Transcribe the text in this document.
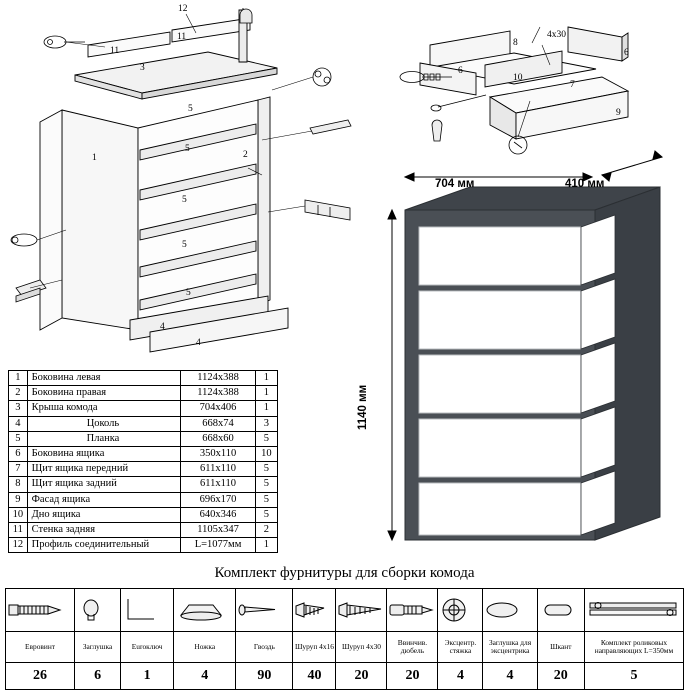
12
11
11
3
5
1	2
5
5
5
5
4
4
8
4х30
6
6
10
7
9
1140 мм
704 мм	410 мм
1	Боковина левая	1124x388	1
2	Боковина правая	1124x388	1
3	Крыша комода	704x406	1
4	Цоколь	668x74	3
5	Планка	668x60	5
6	Боковина ящика	350x110	10
7	Щит ящика передний	611x110	5
8	Щит ящика задний	611x110	5
9	Фасад ящика	696x170	5
10	Дно ящика	640x346	5
11	Стенка задняя	1105x347	2
12	Профиль соединительный	L=1077мм	1
Комплект фурнитуры для сборки комода

Евровинт	Заглушка	Euroключ	Ножка	Гвоздь	Шуруп 4х16	Шуруп 4х30	Ввинчив. дюбель	Эксцентр. стяжка	Заглушка для эксцентрика	Шкант	Комплект роликовых направляющих L=350мм
26	6	1	4	90	40	20	20	4	4	20	5
